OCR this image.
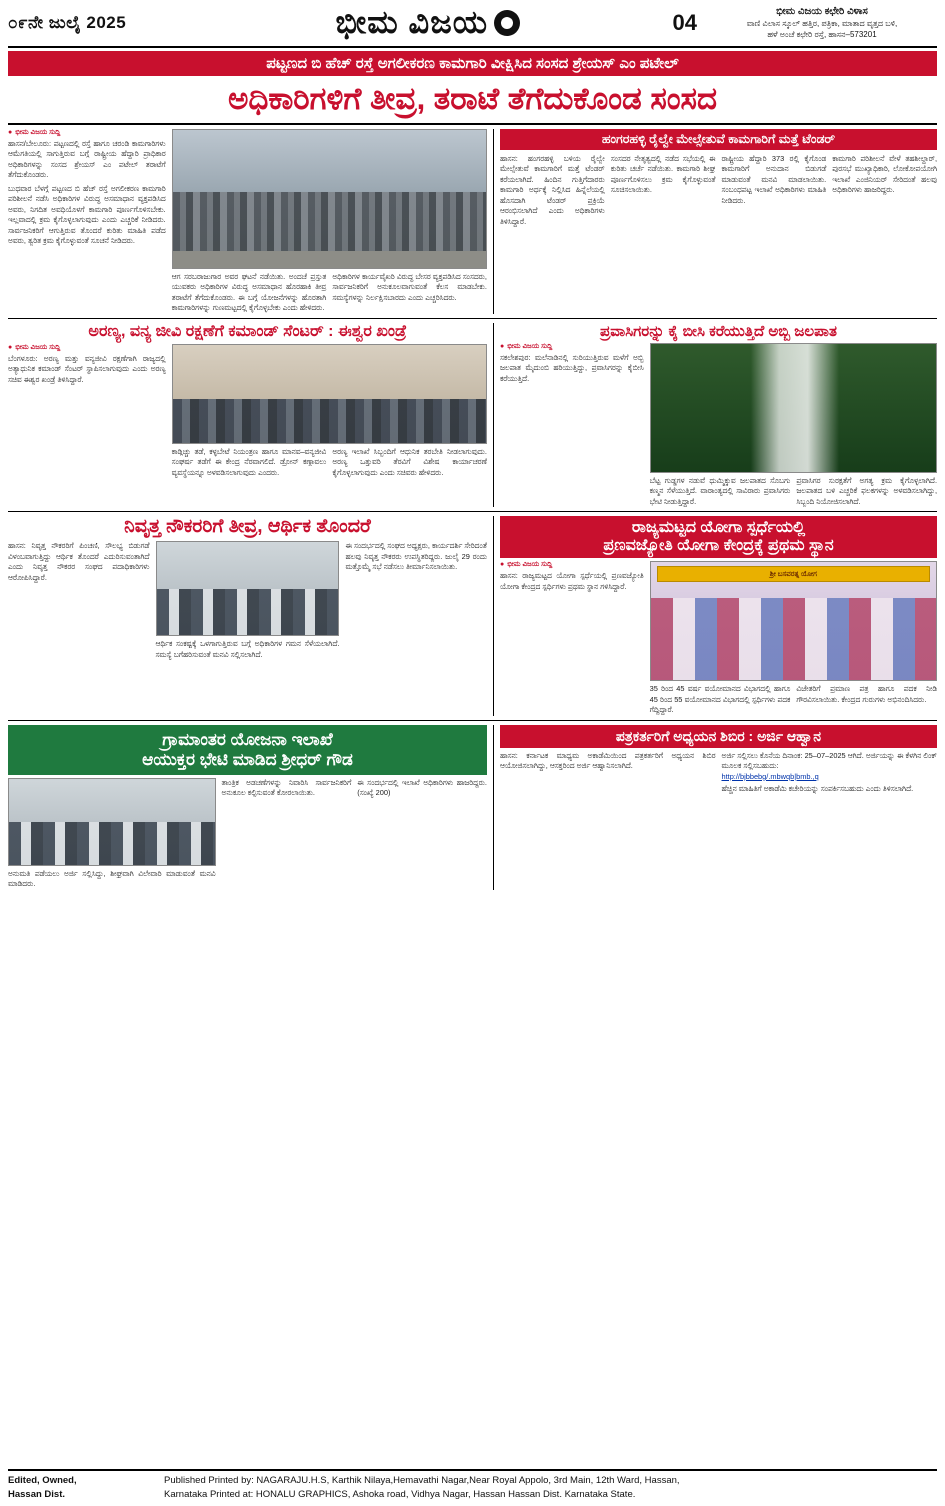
೦೯ನೇ ಜುಲೈ 2025	ಭೀಮ ವಿಜಯ	04	ಭೀಮ ವಿಜಯ ಕಛೇರಿ ವಿಳಾಸ
ವಾಣಿ ವಿಲಾಸ ಸ್ಕೂಲ್ ಹತ್ತಿರ, ಪತ್ರಿಕಾ, ಮಾತಾದ ವೃತ್ತದ ಬಳಿ,
ಹಳೆ ಅಂಚೆ ಕಛೇರಿ ರಸ್ತೆ, ಹಾಸನ–573201
ಪಟ್ಟಣದ ಬಿ ಹೆಚ್ ರಸ್ತೆ ಅಗಲೀಕರಣ ಕಾಮಗಾರಿ ವೀಕ್ಷಿಸಿದ ಸಂಸದ ಶ್ರೇಯಸ್ ಎಂ ಪಟೇಲ್
ಅಧಿಕಾರಿಗಳಿಗೆ ತೀವ್ರ, ತರಾಟೆ ತೆಗೆದುಕೊಂಡ ಸಂಸದ
● ಭೀಮ ವಿಜಯ ಸುದ್ದಿ
ಹಾಸನ/ಬೇಲೂರು: ಪಟ್ಟಣದಲ್ಲಿ ರಸ್ತೆ ಹಾಗೂ ಚರಂಡಿ ಕಾಮಗಾರಿಗಳು ಆಮೆಗತಿಯಲ್ಲಿ ಸಾಗುತ್ತಿರುವ ಬಗ್ಗೆ ರಾಷ್ಟ್ರೀಯ ಹೆದ್ದಾರಿ ಪ್ರಾಧಿಕಾರ ಅಧಿಕಾರಿಗಳನ್ನು ಸಂಸದ ಶ್ರೇಯಸ್ ಎಂ ಪಟೇಲ್ ತರಾಟೆಗೆ ತೆಗೆದುಕೊಂಡರು.
ಬುಧವಾರ ಬೆಳಗ್ಗೆ ಪಟ್ಟಣದ ಬಿ ಹೆಚ್ ರಸ್ತೆ ಅಗಲೀಕರಣ ಕಾಮಗಾರಿ ಪರಿಶೀಲನೆ ನಡೆಸಿ ಅಧಿಕಾರಿಗಳ ವಿರುದ್ಧ ಅಸಮಾಧಾನ ವ್ಯಕ್ತಪಡಿಸಿದ ಅವರು, ನಿಗದಿತ ಅವಧಿಯೊಳಗೆ ಕಾಮಗಾರಿ ಪೂರ್ಣಗೊಳಿಸಬೇಕು. ಇಲ್ಲವಾದಲ್ಲಿ ಕ್ರಮ ಕೈಗೊಳ್ಳಲಾಗುವುದು ಎಂದು ಎಚ್ಚರಿಕೆ ನೀಡಿದರು. ಸಾರ್ವಜನಿಕರಿಗೆ ಆಗುತ್ತಿರುವ ತೊಂದರೆ ಕುರಿತು ಮಾಹಿತಿ ಪಡೆದ ಅವರು, ತ್ವರಿತ ಕ್ರಮ ಕೈಗೊಳ್ಳುವಂತೆ ಸೂಚನೆ ನೀಡಿದರು.
ಆಗ ಸರಬರಾಜುಗಾರ ಅವರ ಘಟನೆ ನಡೆಯಿತು. ಅಂದಚೆ ಪ್ರಸ್ತುತ ಯುವಕರು ಅಧಿಕಾರಿಗಳ ವಿರುದ್ಧ ಅಸಮಾಧಾನ ಹೊರಹಾಕಿ ತೀವ್ರ ತರಾಟೆಗೆ ತೆಗೆದುಕೊಂಡರು. ಈ ಬಗ್ಗೆ ಯೋಜನೆಗಳನ್ನು ಹೊರತಾಗಿ ಕಾಮಗಾರಿಗಳನ್ನು ಗುಣಮಟ್ಟದಲ್ಲಿ ಕೈಗೊಳ್ಳಬೇಕು ಎಂದು ಹೇಳಿದರು.
ಅಧಿಕಾರಿಗಳ ಕಾರ್ಯವೈಖರಿ ವಿರುದ್ಧ ಬೇಸರ ವ್ಯಕ್ತಪಡಿಸಿದ ಸಂಸದರು, ಸಾರ್ವಜನಿಕರಿಗೆ ಅನುಕೂಲವಾಗುವಂತೆ ಕೆಲಸ ಮಾಡಬೇಕು. ಸಮಸ್ಯೆಗಳನ್ನು ನಿರ್ಲಕ್ಷಿಸಬಾರದು ಎಂದು ಎಚ್ಚರಿಸಿದರು.
ಹಂಗರಹಳ್ಳಿ ರೈಲ್ವೇ ಮೇಲ್ಸೇತುವೆ ಕಾಮಗಾರಿಗೆ ಮತ್ತೆ ಟೆಂಡರ್
ಹಾಸನ: ಹಂಗರಹಳ್ಳಿ ಬಳಿಯ ರೈಲ್ವೇ ಮೇಲ್ಸೇತುವೆ ಕಾಮಗಾರಿಗೆ ಮತ್ತೆ ಟೆಂಡರ್ ಕರೆಯಲಾಗಿದೆ. ಹಿಂದಿನ ಗುತ್ತಿಗೆದಾರರು ಕಾಮಗಾರಿ ಅರ್ಧಕ್ಕೆ ನಿಲ್ಲಿಸಿದ ಹಿನ್ನೆಲೆಯಲ್ಲಿ ಹೊಸದಾಗಿ ಟೆಂಡರ್ ಪ್ರಕ್ರಿಯೆ ಆರಂಭಿಸಲಾಗಿದೆ ಎಂದು ಅಧಿಕಾರಿಗಳು ತಿಳಿಸಿದ್ದಾರೆ.
ಸಂಸದರ ನೇತೃತ್ವದಲ್ಲಿ ನಡೆದ ಸಭೆಯಲ್ಲಿ ಈ ಕುರಿತು ಚರ್ಚೆ ನಡೆಯಿತು. ಕಾಮಗಾರಿ ಶೀಘ್ರ ಪೂರ್ಣಗೊಳಿಸಲು ಕ್ರಮ ಕೈಗೊಳ್ಳುವಂತೆ ಸೂಚಿಸಲಾಯಿತು.
ರಾಷ್ಟ್ರೀಯ ಹೆದ್ದಾರಿ 373 ರಲ್ಲಿ ಕೈಗೊಂಡ ಕಾಮಗಾರಿಗೆ ಅನುದಾನ ಬಿಡುಗಡೆ ಮಾಡುವಂತೆ ಮನವಿ ಮಾಡಲಾಯಿತು. ಸಂಬಂಧಪಟ್ಟ ಇಲಾಖೆ ಅಧಿಕಾರಿಗಳು ಮಾಹಿತಿ ನೀಡಿದರು.
ಕಾಮಗಾರಿ ಪರಿಶೀಲನೆ ವೇಳೆ ತಹಶೀಲ್ದಾರ್, ಪುರಸಭೆ ಮುಖ್ಯಾಧಿಕಾರಿ, ಲೋಕೋಪಯೋಗಿ ಇಲಾಖೆ ಎಂಜಿನಿಯರ್ ಸೇರಿದಂತೆ ಹಲವು ಅಧಿಕಾರಿಗಳು ಹಾಜರಿದ್ದರು.
ಅರಣ್ಯ, ವನ್ಯ ಜೀವಿ ರಕ್ಷಣೆಗೆ ಕಮಾಂಡ್ ಸೆಂಟರ್ : ಈಶ್ವರ ಖಂಡ್ರೆ
● ಭೀಮ ವಿಜಯ ಸುದ್ದಿ
ಬೆಂಗಳೂರು: ಅರಣ್ಯ ಮತ್ತು ವನ್ಯಜೀವಿ ರಕ್ಷಣೆಗಾಗಿ ರಾಜ್ಯದಲ್ಲಿ ಅತ್ಯಾಧುನಿಕ ಕಮಾಂಡ್ ಸೆಂಟರ್ ಸ್ಥಾಪಿಸಲಾಗುವುದು ಎಂದು ಅರಣ್ಯ ಸಚಿವ ಈಶ್ವರ ಖಂಡ್ರೆ ತಿಳಿಸಿದ್ದಾರೆ.
ಕಾಡ್ಗಿಚ್ಚು ತಡೆ, ಕಳ್ಳಬೇಟೆ ನಿಯಂತ್ರಣ ಹಾಗೂ ಮಾನವ–ವನ್ಯಜೀವಿ ಸಂಘರ್ಷ ತಡೆಗೆ ಈ ಕೇಂದ್ರ ನೆರವಾಗಲಿದೆ. ಡ್ರೋನ್ ಕಣ್ಗಾವಲು ವ್ಯವಸ್ಥೆಯನ್ನೂ ಅಳವಡಿಸಲಾಗುವುದು ಎಂದರು.
ಅರಣ್ಯ ಇಲಾಖೆ ಸಿಬ್ಬಂದಿಗೆ ಆಧುನಿಕ ತರಬೇತಿ ನೀಡಲಾಗುವುದು. ಅರಣ್ಯ ಒತ್ತುವರಿ ತೆರವಿಗೆ ವಿಶೇಷ ಕಾರ್ಯಾಚರಣೆ ಕೈಗೊಳ್ಳಲಾಗುವುದು ಎಂದು ಸಚಿವರು ಹೇಳಿದರು.
ಪ್ರವಾಸಿಗರನ್ನು ಕೈ ಬೀಸಿ ಕರೆಯುತ್ತಿದೆ ಅಬ್ಬಿ ಜಲಪಾತ
● ಭೀಮ ವಿಜಯ ಸುದ್ದಿ
ಸಕಲೇಶಪುರ: ಮಲೆನಾಡಿನಲ್ಲಿ ಸುರಿಯುತ್ತಿರುವ ಮಳೆಗೆ ಅಬ್ಬಿ ಜಲಪಾತ ಮೈದುಂಬಿ ಹರಿಯುತ್ತಿದ್ದು, ಪ್ರವಾಸಿಗರನ್ನು ಕೈಬೀಸಿ ಕರೆಯುತ್ತಿದೆ.
ಬೆಟ್ಟ ಗುಡ್ಡಗಳ ನಡುವೆ ಧುಮ್ಮಿಕ್ಕುವ ಜಲಪಾತದ ಸೊಬಗು ಕಣ್ಮನ ಸೆಳೆಯುತ್ತಿದೆ. ವಾರಾಂತ್ಯದಲ್ಲಿ ಸಾವಿರಾರು ಪ್ರವಾಸಿಗರು ಭೇಟಿ ನೀಡುತ್ತಿದ್ದಾರೆ.
ಪ್ರವಾಸಿಗರ ಸುರಕ್ಷತೆಗೆ ಅಗತ್ಯ ಕ್ರಮ ಕೈಗೊಳ್ಳಲಾಗಿದೆ. ಜಲಪಾತದ ಬಳಿ ಎಚ್ಚರಿಕೆ ಫಲಕಗಳನ್ನು ಅಳವಡಿಸಲಾಗಿದ್ದು, ಸಿಬ್ಬಂದಿ ನಿಯೋಜಿಸಲಾಗಿದೆ.
ನಿವೃತ್ತ ನೌಕರರಿಗೆ ತೀವ್ರ, ಆರ್ಥಿಕ ತೊಂದರೆ
ಹಾಸನ: ನಿವೃತ್ತ ನೌಕರರಿಗೆ ಪಿಂಚಣಿ, ಸೌಲಭ್ಯ ಬಿಡುಗಡೆ ವಿಳಂಬವಾಗುತ್ತಿದ್ದು ಆರ್ಥಿಕ ತೊಂದರೆ ಎದುರಿಸುವಂತಾಗಿದೆ ಎಂದು ನಿವೃತ್ತ ನೌಕರರ ಸಂಘದ ಪದಾಧಿಕಾರಿಗಳು ಆರೋಪಿಸಿದ್ದಾರೆ.
ಆರ್ಥಿಕ ಸಂಕಷ್ಟಕ್ಕೆ ಒಳಗಾಗುತ್ತಿರುವ ಬಗ್ಗೆ ಅಧಿಕಾರಿಗಳ ಗಮನ ಸೆಳೆಯಲಾಗಿದೆ. ಸಮಸ್ಯೆ ಬಗೆಹರಿಸುವಂತೆ ಮನವಿ ಸಲ್ಲಿಸಲಾಗಿದೆ.
ಈ ಸಂದರ್ಭದಲ್ಲಿ ಸಂಘದ ಅಧ್ಯಕ್ಷರು, ಕಾರ್ಯದರ್ಶಿ ಸೇರಿದಂತೆ ಹಲವು ನಿವೃತ್ತ ನೌಕರರು ಉಪಸ್ಥಿತರಿದ್ದರು. ಜುಲೈ 29 ರಂದು ಮತ್ತೊಮ್ಮೆ ಸಭೆ ನಡೆಸಲು ತೀರ್ಮಾನಿಸಲಾಯಿತು.
ರಾಜ್ಯಮಟ್ಟದ ಯೋಗಾ ಸ್ಪರ್ಧೆಯಲ್ಲಿ
ಪ್ರಣವಜ್ಯೋತಿ ಯೋಗಾ ಕೇಂದ್ರಕ್ಕೆ ಪ್ರಥಮ ಸ್ಥಾನ
● ಭೀಮ ವಿಜಯ ಸುದ್ದಿ
ಹಾಸನ: ರಾಜ್ಯಮಟ್ಟದ ಯೋಗಾ ಸ್ಪರ್ಧೆಯಲ್ಲಿ ಪ್ರಣವಜ್ಯೋತಿ ಯೋಗಾ ಕೇಂದ್ರದ ಸ್ಪರ್ಧಿಗಳು ಪ್ರಥಮ ಸ್ಥಾನ ಗಳಿಸಿದ್ದಾರೆ.
ಶ್ರೀ ಬಸವರತ್ನ ಯೋಗ
35 ರಿಂದ 45 ವರ್ಷ ವಯೋಮಾನದ ವಿಭಾಗದಲ್ಲಿ ಹಾಗೂ 45 ರಿಂದ 55 ವಯೋಮಾನದ ವಿಭಾಗದಲ್ಲಿ ಸ್ಪರ್ಧಿಗಳು ಪದಕ ಗೆದ್ದಿದ್ದಾರೆ.
ವಿಜೇತರಿಗೆ ಪ್ರಮಾಣ ಪತ್ರ ಹಾಗೂ ಪದಕ ನೀಡಿ ಗೌರವಿಸಲಾಯಿತು. ಕೇಂದ್ರದ ಗುರುಗಳು ಅಭಿನಂದಿಸಿದರು.
ಗ್ರಾಮಾಂತರ ಯೋಜನಾ ಇಲಾಖೆ
ಆಯುಕ್ತರ ಭೇಟಿ ಮಾಡಿದ ಶ್ರೀಧರ್ ಗೌಡ
ಅನುಮತಿ ಪಡೆಯಲು ಅರ್ಜಿ ಸಲ್ಲಿಸಿದ್ದು, ಶೀಘ್ರವಾಗಿ ವಿಲೇವಾರಿ ಮಾಡುವಂತೆ ಮನವಿ ಮಾಡಿದರು.
ತಾಂತ್ರಿಕ ಅಡಚಣೆಗಳನ್ನು ನಿವಾರಿಸಿ ಸಾರ್ವಜನಿಕರಿಗೆ ಅನುಕೂಲ ಕಲ್ಪಿಸುವಂತೆ ಕೋರಲಾಯಿತು.
ಈ ಸಂದರ್ಭದಲ್ಲಿ ಇಲಾಖೆ ಅಧಿಕಾರಿಗಳು ಹಾಜರಿದ್ದರು. (ಸಂಖ್ಯೆ 200)
ಪತ್ರಕರ್ತರಿಗೆ ಅಧ್ಯಯನ ಶಿಬಿರ : ಅರ್ಜಿ ಆಹ್ವಾನ
ಹಾಸನ: ಕರ್ನಾಟಕ ಮಾಧ್ಯಮ ಅಕಾಡೆಮಿಯಿಂದ ಪತ್ರಕರ್ತರಿಗೆ ಅಧ್ಯಯನ ಶಿಬಿರ ಆಯೋಜಿಸಲಾಗಿದ್ದು, ಆಸಕ್ತರಿಂದ ಅರ್ಜಿ ಆಹ್ವಾನಿಸಲಾಗಿದೆ.
ಅರ್ಜಿ ಸಲ್ಲಿಸಲು ಕೊನೆಯ ದಿನಾಂಕ: 25–07–2025 ಆಗಿದೆ. ಅರ್ಜಿಯನ್ನು ಈ ಕೆಳಗಿನ ಲಿಂಕ್ ಮೂಲಕ ಸಲ್ಲಿಸಬಹುದು:
http://bjbbebg/.mbwqb|bmb.,q
ಹೆಚ್ಚಿನ ಮಾಹಿತಿಗೆ ಅಕಾಡೆಮಿ ಕಚೇರಿಯನ್ನು ಸಂಪರ್ಕಿಸಬಹುದು ಎಂದು ತಿಳಿಸಲಾಗಿದೆ.
Edited, Owned,
Hassan Dist.
Published Printed by: NAGARAJU.H.S, Karthik Nilaya,Hemavathi Nagar,Near Royal Appolo, 3rd Main, 12th Ward, Hassan,
Karnataka Printed at: HONALU GRAPHICS, Ashoka road, Vidhya Nagar, Hassan Hassan Dist. Karnataka State.
